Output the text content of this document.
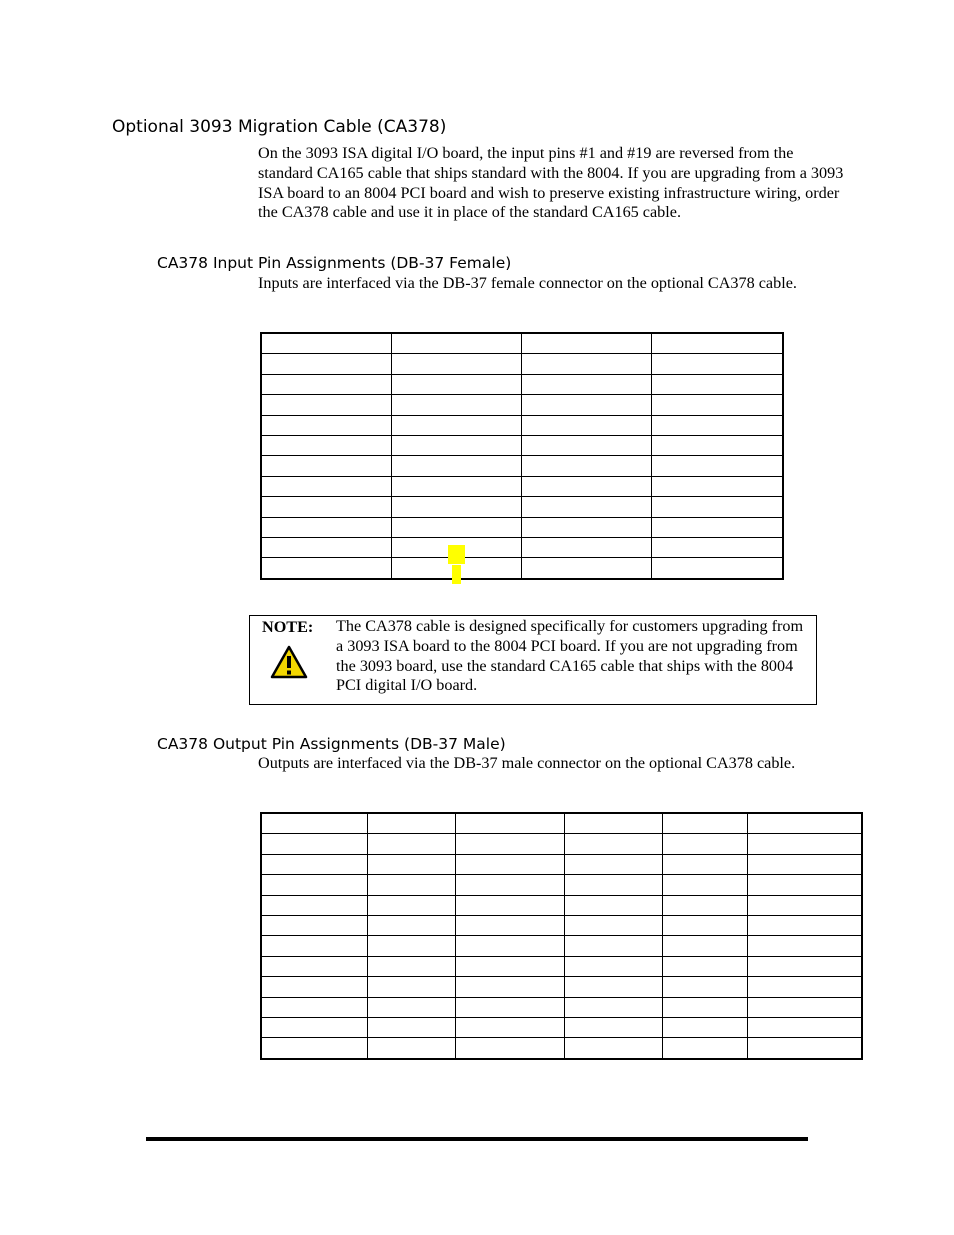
Optional 3093 Migration Cable (CA378)
On the 3093 ISA digital I/O board, the input pins #1 and #19 are reversed from the standard CA165 cable that ships standard with the 8004. If you are upgrading from a 3093 ISA board to an 8004 PCI board and wish to preserve existing infrastructure wiring, order the CA378 cable and use it in place of the standard CA165 cable.
CA378 Input Pin Assignments (DB-37 Female)
Inputs are interfaced via the DB-37 female connector on the optional CA378 cable.

NOTE: The CA378 cable is designed specifically for customers upgrading from a 3093 ISA board to the 8004 PCI board. If you are not upgrading from the 3093 board, use the standard CA165 cable that ships with the 8004 PCI digital I/O board.
CA378 Output Pin Assignments (DB-37 Male)
Outputs are interfaced via the DB-37 male connector on the optional CA378 cable.
